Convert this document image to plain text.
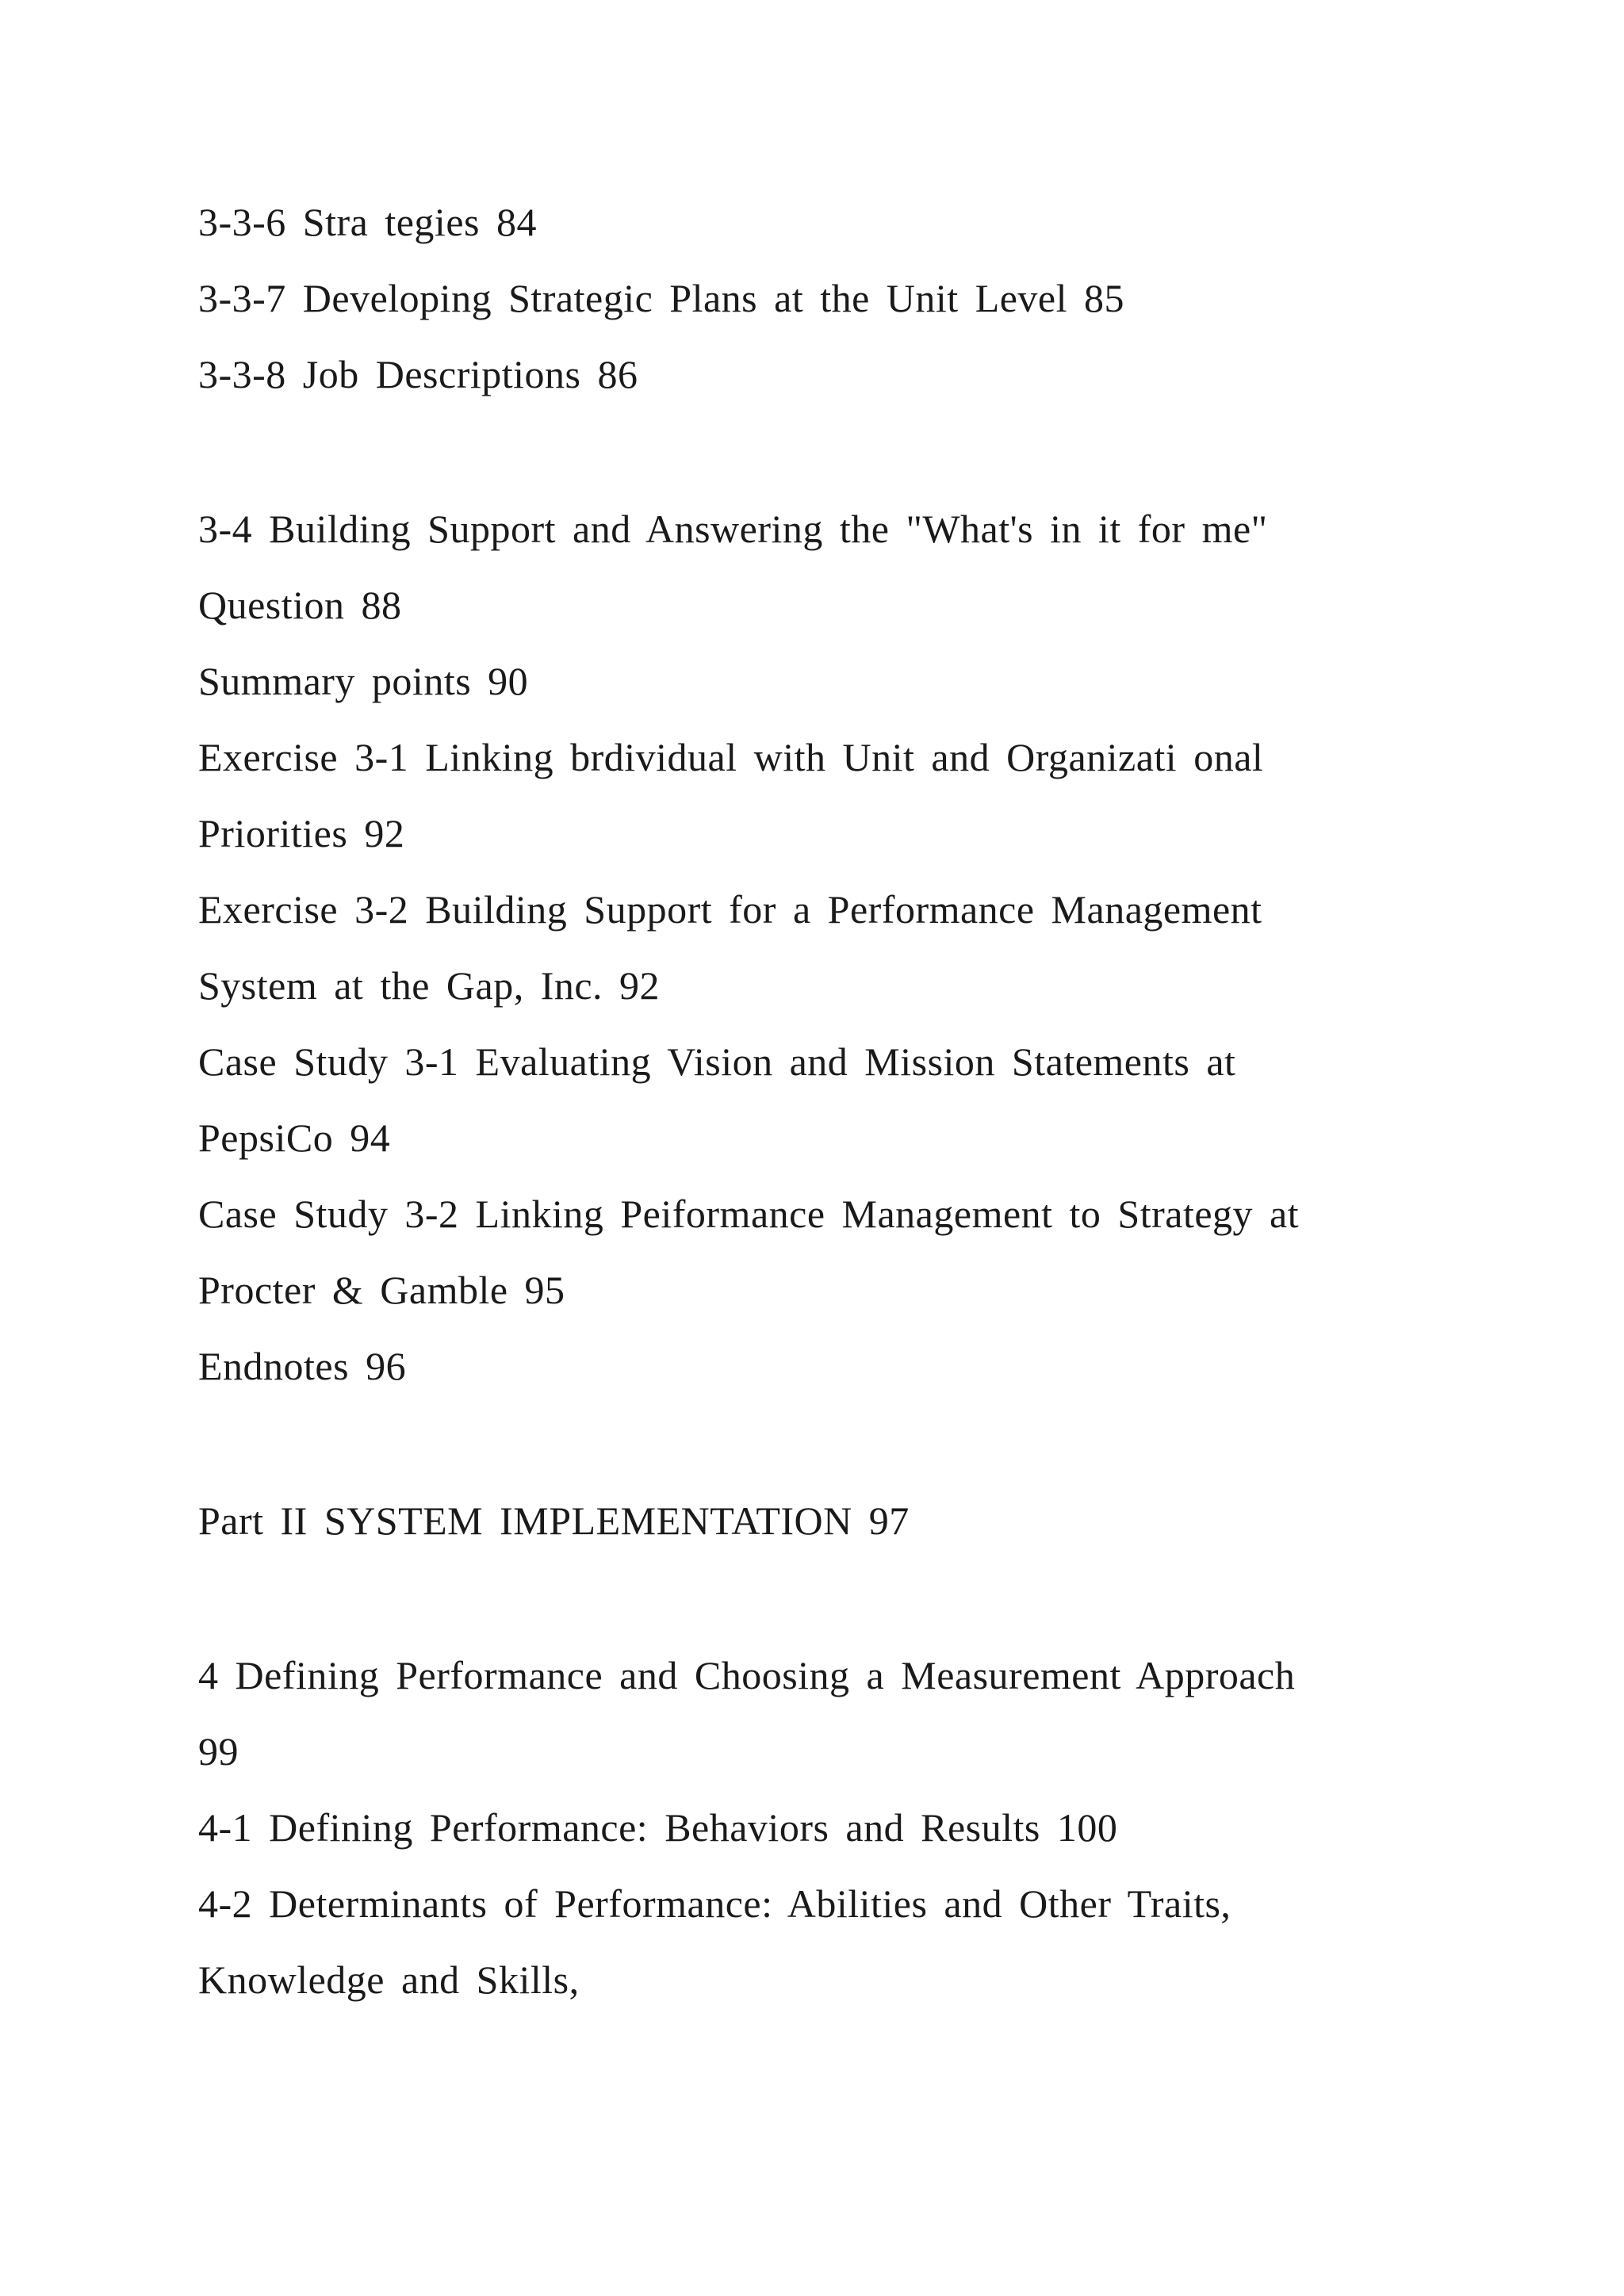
3-3-6 Stra tegies 84
3-3-7 Developing Strategic Plans at the Unit Level 85
3-3-8 Job Descriptions 86
3-4 Building Support and Answering the "What's in it for me"
Question 88
Summary points 90
Exercise 3-1 Linking brdividual with Unit and Organizati onal
Priorities 92
Exercise 3-2 Building Support for a Performance Management
System at the Gap, Inc. 92
Case Study 3-1 Evaluating Vision and Mission Statements at
PepsiCo 94
Case Study 3-2 Linking Peiformance Management to Strategy at
Procter & Gamble 95
Endnotes 96
Part II SYSTEM IMPLEMENTATION 97
4 Defining Performance and Choosing a Measurement Approach
99
4-1 Defining Performance: Behaviors and Results 100
4-2 Determinants of Performance: Abilities and Other Traits,
Knowledge and Skills,
